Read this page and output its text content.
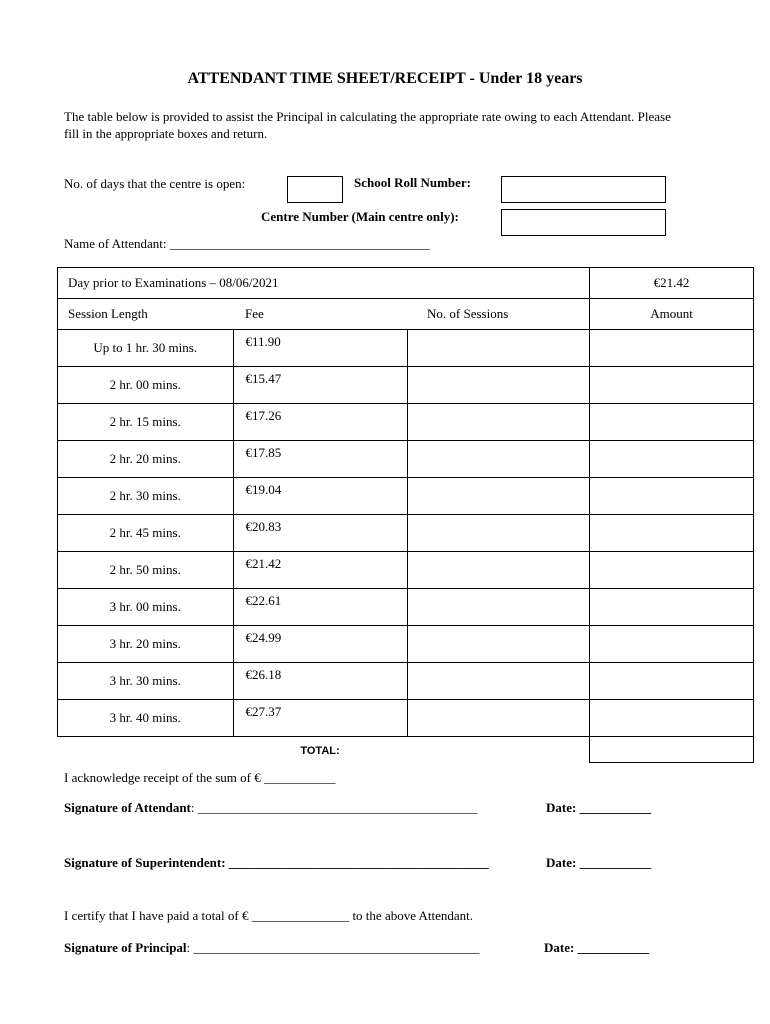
ATTENDANT TIME SHEET/RECEIPT - Under 18 years
The table below is provided to assist the Principal in calculating the appropriate rate owing to each Attendant. Please fill in the appropriate boxes and return.
No. of days that the centre is open:	School Roll Number:
Centre Number (Main centre only):
Name of Attendant: ________________________________________
Day prior to Examinations – 08/06/2021			€21.42
Session Length	Fee	No. of Sessions	Amount
Up to 1 hr. 30 mins.	€11.90		
2 hr. 00 mins.	€15.47		
2 hr. 15 mins.	€17.26		
2 hr. 20 mins.	€17.85		
2 hr. 30 mins.	€19.04		
2 hr. 45 mins.	€20.83		
2 hr. 50 mins.	€21.42		
3 hr. 00 mins.	€22.61		
3 hr. 20 mins.	€24.99		
3 hr. 30 mins.	€26.18		
3 hr. 40 mins.	€27.37		
	TOTAL:		
I acknowledge receipt of the sum of € ___________
Signature of Attendant: ___________________________________________	Date: ___________
Signature of Superintendent: ________________________________________	Date: ___________
I certify that I have paid a total of € _______________ to the above Attendant.
Signature of Principal: ____________________________________________	Date: ___________
